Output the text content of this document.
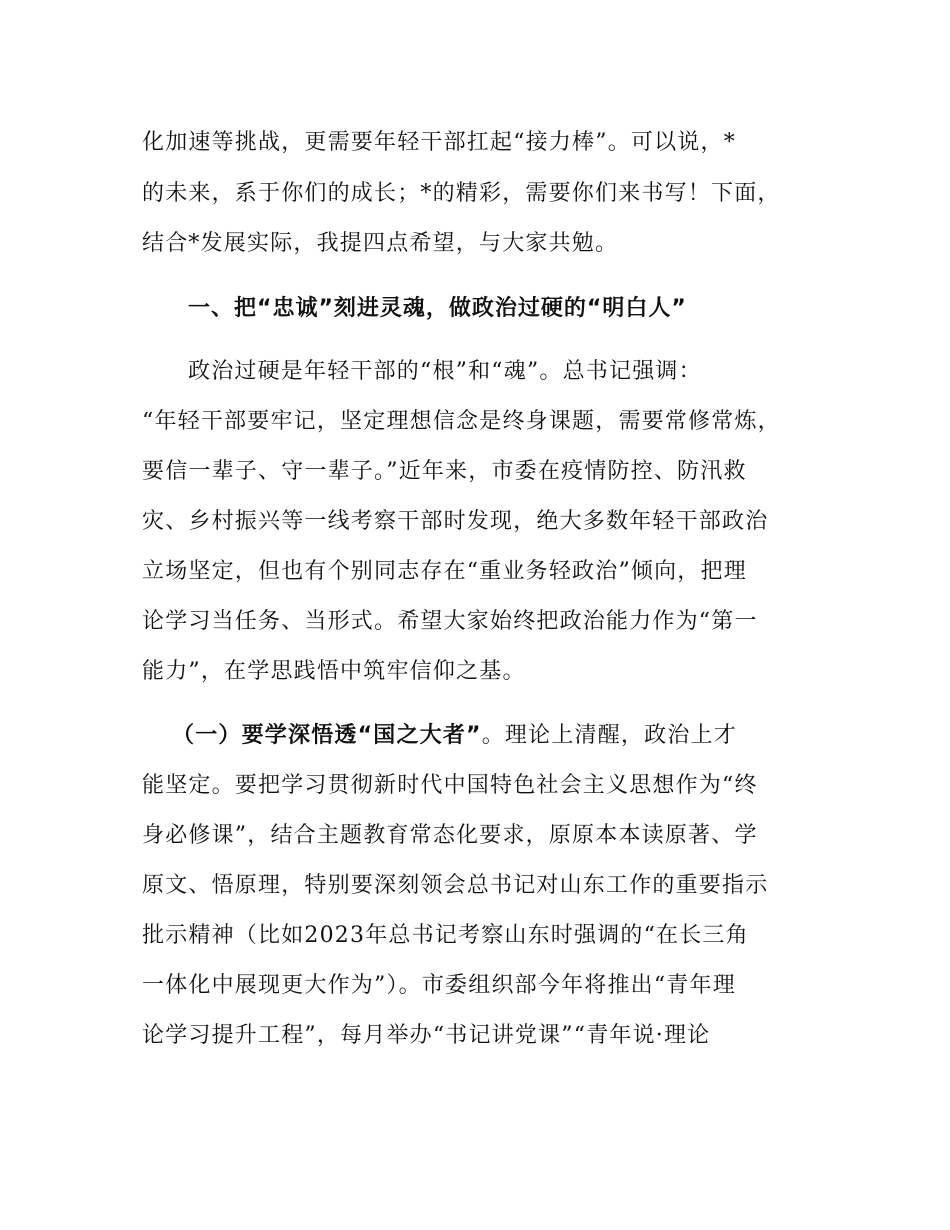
化加速等挑战，更需要年轻干部扛起“接力棒”。可以说，*
的未来，系于你们的成长；*的精彩，需要你们来书写！下面，
结合*发展实际，我提四点希望，与大家共勉。
一、把“忠诚”刻进灵魂，做政治过硬的“明白人”
政治过硬是年轻干部的“根”和“魂”。总书记强调：
“年轻干部要牢记，坚定理想信念是终身课题，需要常修常炼，
要信一辈子、守一辈子。”近年来，市委在疫情防控、防汛救
灾、乡村振兴等一线考察干部时发现，绝大多数年轻干部政治
立场坚定，但也有个别同志存在“重业务轻政治”倾向，把理
论学习当任务、当形式。希望大家始终把政治能力作为“第一
能力”，在学思践悟中筑牢信仰之基。
（一）要学深悟透“国之大者”。理论上清醒，政治上才
能坚定。要把学习贯彻新时代中国特色社会主义思想作为“终
身必修课”，结合主题教育常态化要求，原原本本读原著、学
原文、悟原理，特别要深刻领会总书记对山东工作的重要指示
批示精神（比如2023年总书记考察山东时强调的“在长三角
一体化中展现更大作为”）。市委组织部今年将推出“青年理
论学习提升工程”，每月举办“书记讲党课”“青年说·理论
